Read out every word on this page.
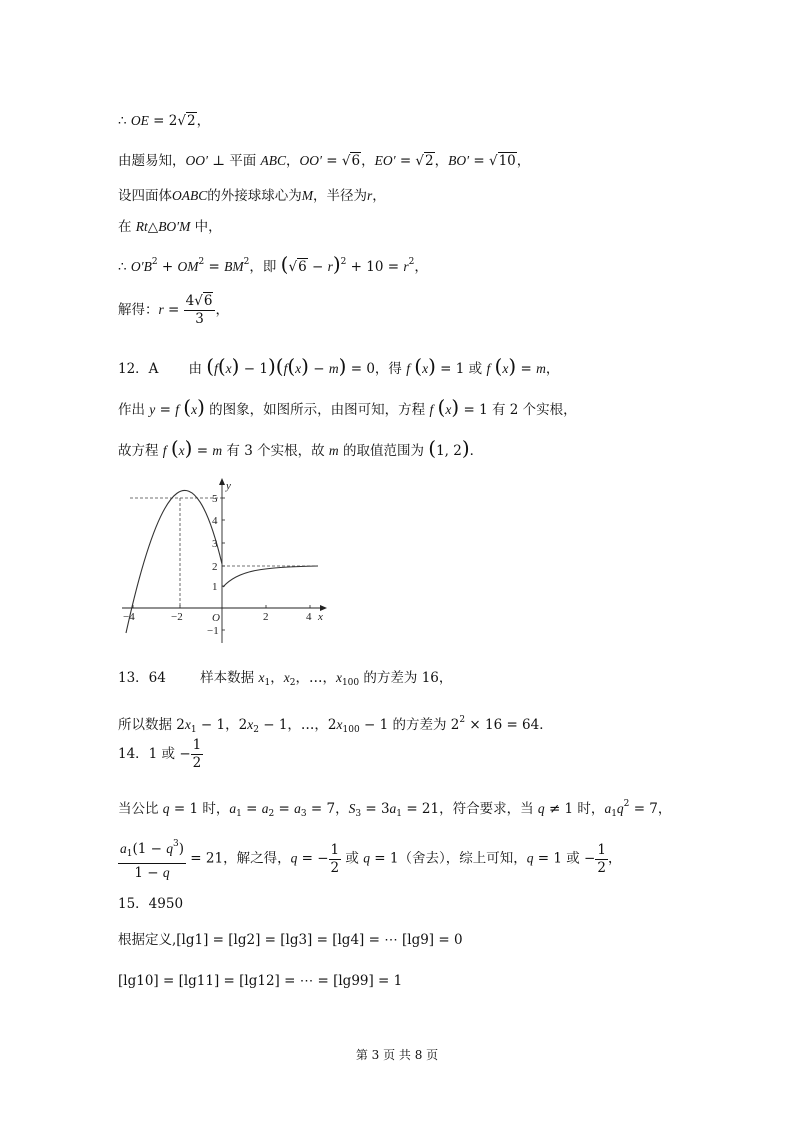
∴ OE = 2√2，
由题易知，OO′ ⊥ 平面 ABC，OO′ = √6，EO′ = √2，BO′ = √10，
设四面体OABC的外接球球心为M，半径为r，
在 Rt△BO′M 中，
∴ $O'B^2 + OM^2 = BM^2$，即 $(√6 - r)^2 + 10 = r^2$，
解得：$r = \frac{4√6}{3}$ ，
12．A       由 (f(x) − 1)(f(x) − m) = 0，得 f (x) = 1 或 f (x) = m，
作出 y = f (x) 的图象，如图所示，由图可知，方程 f (x) = 1 有 2 个实根，
故方程 f (x) = m 有 3 个实根，故 m 的取值范围为 (1, 2)．
−4	−2	2	4
O	x
y
5
4
3
2
1
−1
13．64        样本数据 $x_1$，$x_2$，…，$x_{100}$ 的方差为 16，
所以数据 $2x_1 - 1$，$2x_2 - 1$，…，$2x_{100} - 1$ 的方差为 $2^2 \times 16 = 64$．
14．1 或 − $\frac{1}{2}$
当公比 q = 1 时，$a_1 = a_2 = a_3 = 7$，$S_3 = 3a_1 = 21$，符合要求，当 q ≠ 1 时，$a_1q^2 = 7$，
$\frac{a_1(1 - q^3)}{1 - q} = 21$，解之得，q = − $\frac{1}{2}$ 或 q = 1（舍去），综上可知，q = 1 或 − $\frac{1}{2}$ ，
15．4950
根据定义,[lg1] = [lg2] = [lg3] = [lg4] = ⋯ [lg9] = 0
[lg10] = [lg11] = [lg12] = ⋯ = [lg99] = 1
第 3 页 共 8 页
